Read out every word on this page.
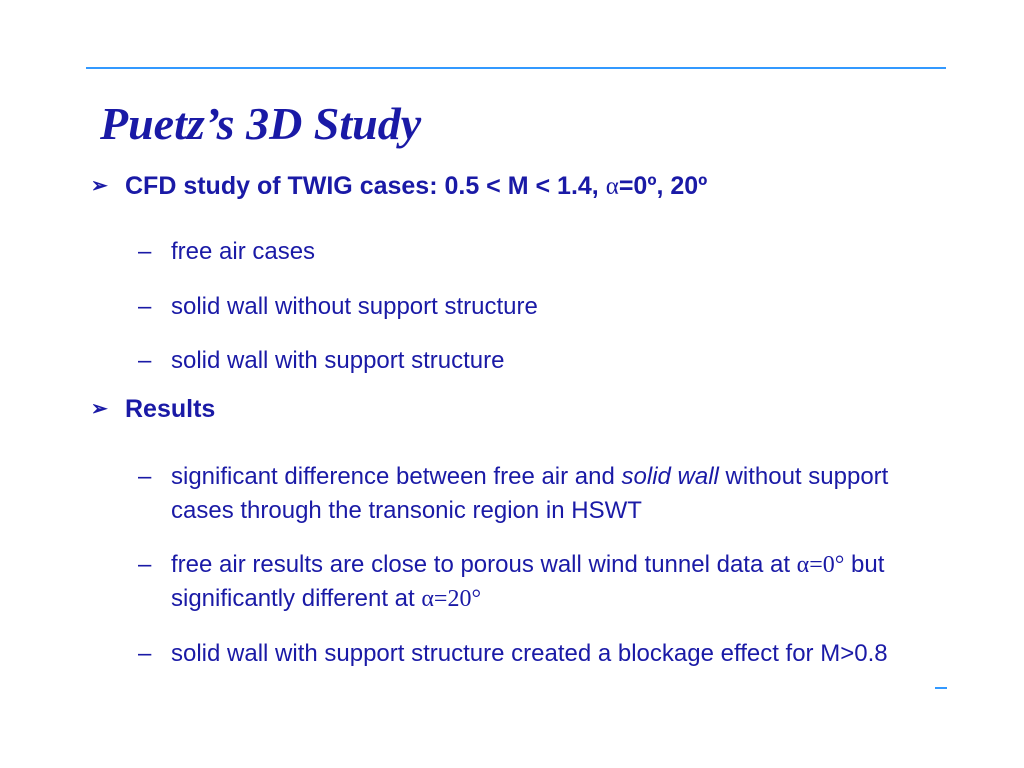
Puetz’s 3D Study
➢ CFD study of TWIG cases: 0.5 < M < 1.4, α=0º, 20º
– free air cases
– solid wall without support structure
– solid wall with support structure
➢ Results
– significant difference between free air and solid wall without support cases through the transonic region in HSWT
– free air results are close to porous wall wind tunnel data at α=0° but significantly different at α=20°
– solid wall with support structure created a blockage effect for M>0.8
